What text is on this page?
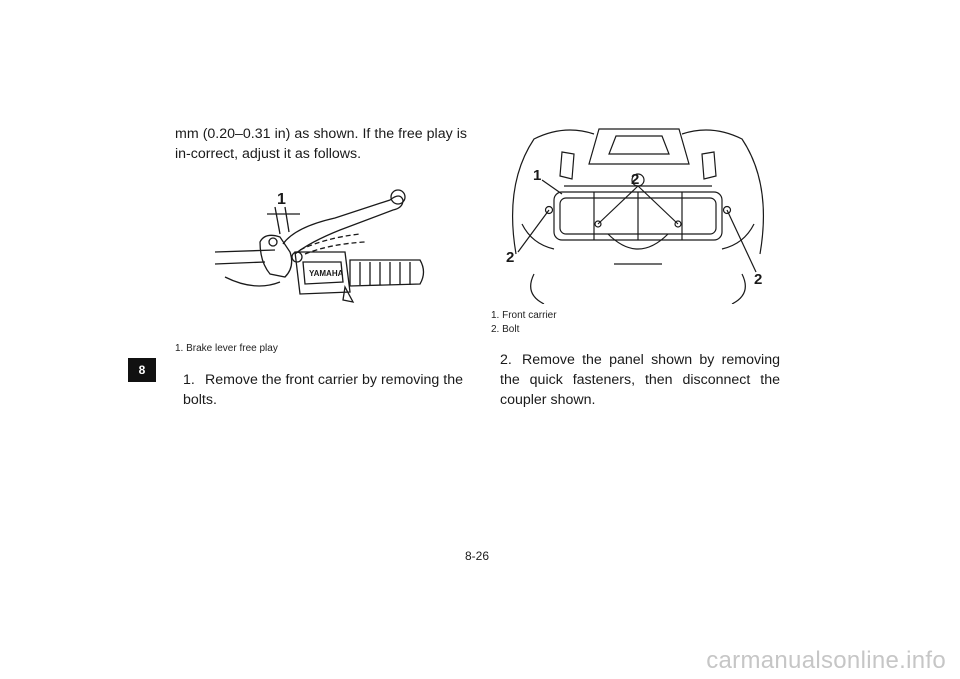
8
mm (0.20–0.31 in) as shown. If the free play is in-correct, adjust it as follows.
YAMAHA
1
1. Brake lever free play
1	2
2
2
1. Front carrier
2. Bolt
1. Remove the front carrier by removing the bolts.
2. Remove the panel shown by removing the quick fasteners, then disconnect the coupler shown.
8-26
carmanualsonline.info
